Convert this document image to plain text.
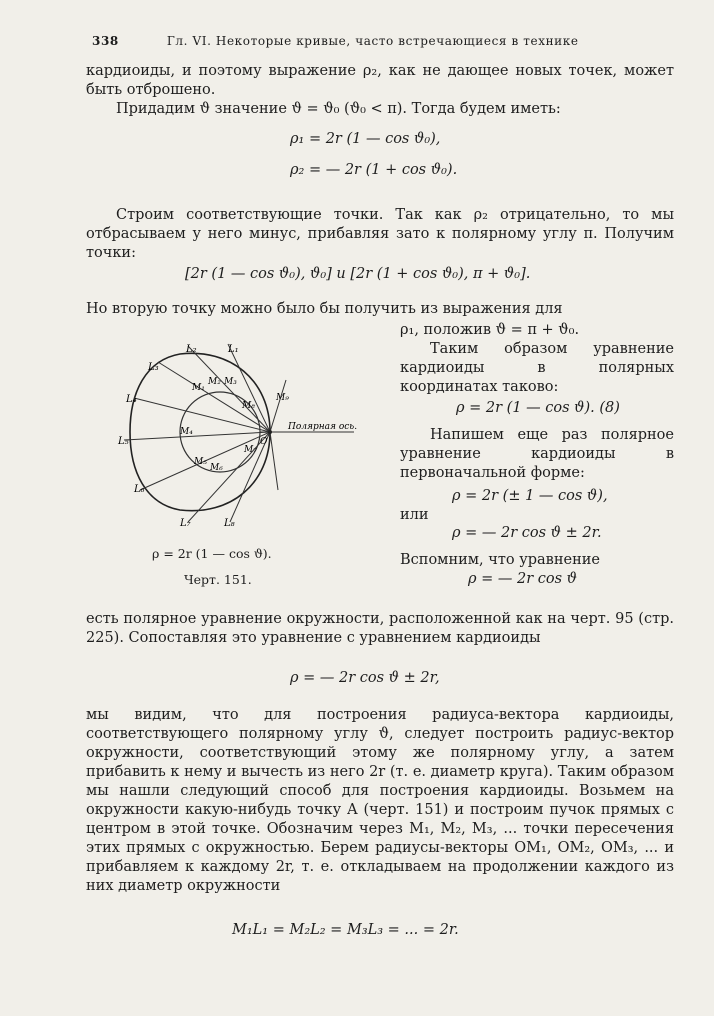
338	Гл. VI. Некоторые кривые, часто встречающиеся в технике

кардиоиды, и поэтому выражение ρ₂, как не дающее новых точек, может быть отброшено.

Придадим ϑ значение ϑ = ϑ₀ (ϑ₀ < π). Тогда будем иметь:

ρ₁ = 2r (1 — cos ϑ₀),
ρ₂ = — 2r (1 + cos ϑ₀).

Строим соответствующие точки. Так как ρ₂ отрицательно, то мы отбрасываем у него минус, прибавляя зато к полярному углу π. Получим точки:

[2r (1 — cos ϑ₀), ϑ₀] и [2r (1 + cos ϑ₀), π + ϑ₀].

Но вторую точку можно было бы получить из выражения для

ρ₁, положив ϑ = π + ϑ₀.

Таким образом уравнение кардиоиды в полярных координатах таково:

ρ = 2r (1 — cos ϑ). (8)

Напишем еще раз полярное уравнение кардиоиды в первоначальной форме:

ρ = 2r (± 1 — cos ϑ),
или
ρ = — 2r cos ϑ ± 2r.

Вспомним, что уравнение

ρ = — 2r cos ϑ
L₂	L₁
L₃
L₄
L₅
L₆
L₇	L₈
M₁
M₂ M₃
M₄
M₅
M₆
M₇
M₈
M₉
O
Полярная ось.
ρ = 2r (1 — cos ϑ).
Черт. 151.

есть полярное уравнение окружности, расположенной как на черт. 95 (стр. 225). Сопоставляя это уравнение с уравнением кардиоиды

ρ = — 2r cos ϑ ± 2r,

мы видим, что для построения радиуса-вектора кардиоиды, соответствующего полярному углу ϑ, следует построить радиус-вектор окружности, соответствующий этому же полярному углу, а затем прибавить к нему и вычесть из него 2r (т. е. диаметр круга). Таким образом мы нашли следующий способ для построения кардиоиды. Возьмем на окружности какую-нибудь точку A (черт. 151) и построим пучок прямых с центром в этой точке. Обозначим через M₁, M₂, M₃, ... точки пересечения этих прямых с окружностью. Берем радиусы-векторы OM₁, OM₂, OM₃, ... и прибавляем к каждому 2r, т. е. откладываем на продолжении каждого из них диаметр окружности

M₁L₁ = M₂L₂ = M₃L₃ = ... = 2r.
